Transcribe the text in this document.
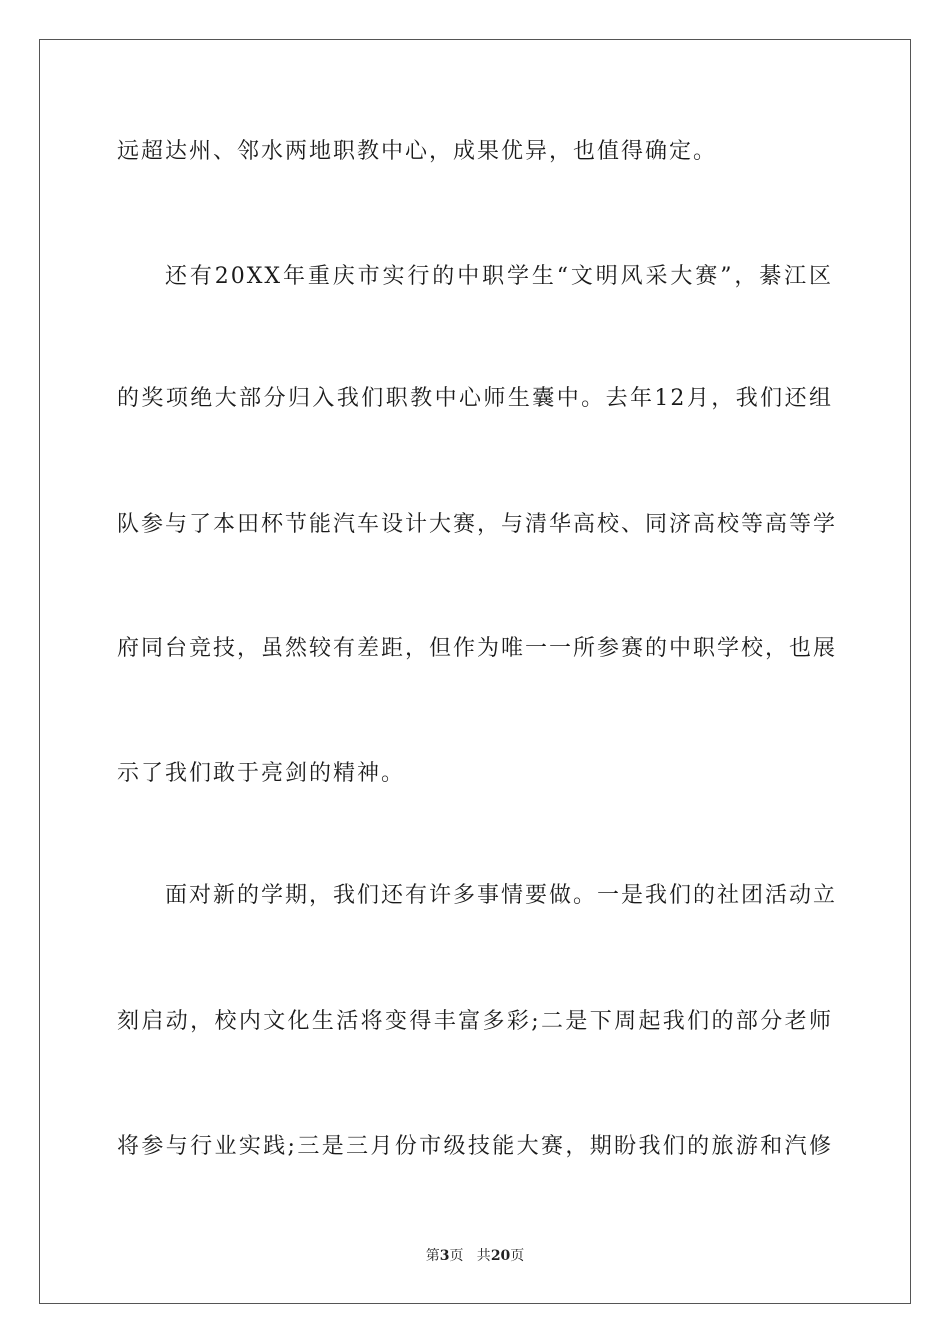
远超达州、邻水两地职教中心，成果优异，也值得确定。
还有20XX年重庆市实行的中职学生“文明风采大赛”，綦江区
的奖项绝大部分归入我们职教中心师生囊中。去年12月，我们还组
队参与了本田杯节能汽车设计大赛，与清华高校、同济高校等高等学
府同台竞技，虽然较有差距，但作为唯一一所参赛的中职学校，也展
示了我们敢于亮剑的精神。
面对新的学期，我们还有许多事情要做。一是我们的社团活动立
刻启动，校内文化生活将变得丰富多彩;二是下周起我们的部分老师
将参与行业实践;三是三月份市级技能大赛，期盼我们的旅游和汽修
第3页   共20页
